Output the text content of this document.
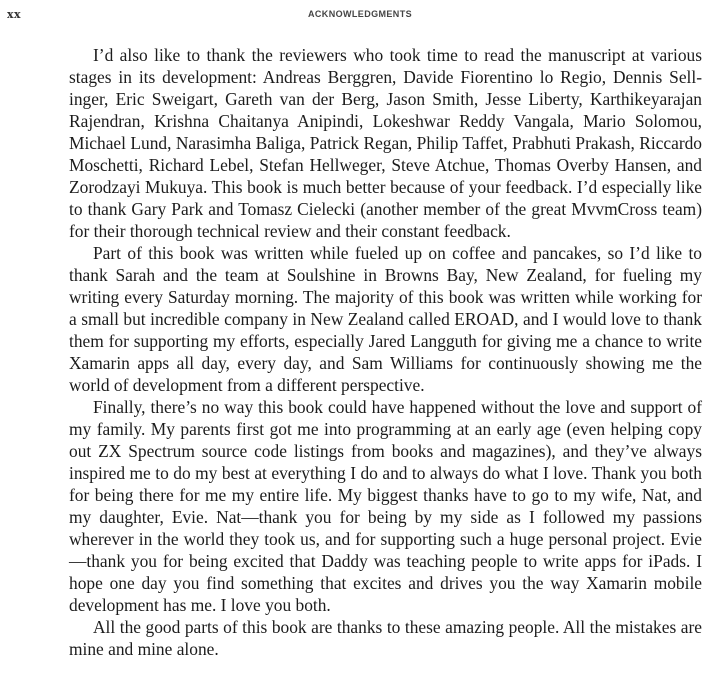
xx	ACKNOWLEDGMENTS

I’d also like to thank the reviewers who took time to read the manuscript at various stages in its development: Andreas Berggren, Davide Fiorentino lo Regio, Dennis Sellinger, Eric Sweigart, Gareth van der Berg, Jason Smith, Jesse Liberty, Karthikeyarajan Rajendran, Krishna Chaitanya Anipindi, Lokeshwar Reddy Vangala, Mario Solomou, Michael Lund, Narasimha Baliga, Patrick Regan, Philip Taffet, Prabhuti Prakash, Riccardo Moschetti, Richard Lebel, Stefan Hellweger, Steve Atchue, Thomas Overby Hansen, and Zorodzayi Mukuya. This book is much better because of your feedback. I’d especially like to thank Gary Park and Tomasz Cielecki (another member of the great MvvmCross team) for their thorough technical review and their constant feedback.

Part of this book was written while fueled up on coffee and pancakes, so I’d like to thank Sarah and the team at Soulshine in Browns Bay, New Zealand, for fueling my writing every Saturday morning. The majority of this book was written while working for a small but incredible company in New Zealand called EROAD, and I would love to thank them for supporting my efforts, especially Jared Langguth for giving me a chance to write Xamarin apps all day, every day, and Sam Williams for continuously showing me the world of development from a different perspective.

Finally, there’s no way this book could have happened without the love and support of my family. My parents first got me into programming at an early age (even helping copy out ZX Spectrum source code listings from books and magazines), and they’ve always inspired me to do my best at everything I do and to always do what I love. Thank you both for being there for me my entire life. My biggest thanks have to go to my wife, Nat, and my daughter, Evie. Nat—thank you for being by my side as I followed my passions wherever in the world they took us, and for supporting such a huge personal project. Evie—thank you for being excited that Daddy was teaching people to write apps for iPads. I hope one day you find something that excites and drives you the way Xamarin mobile development has me. I love you both.

All the good parts of this book are thanks to these amazing people. All the mistakes are mine and mine alone.
